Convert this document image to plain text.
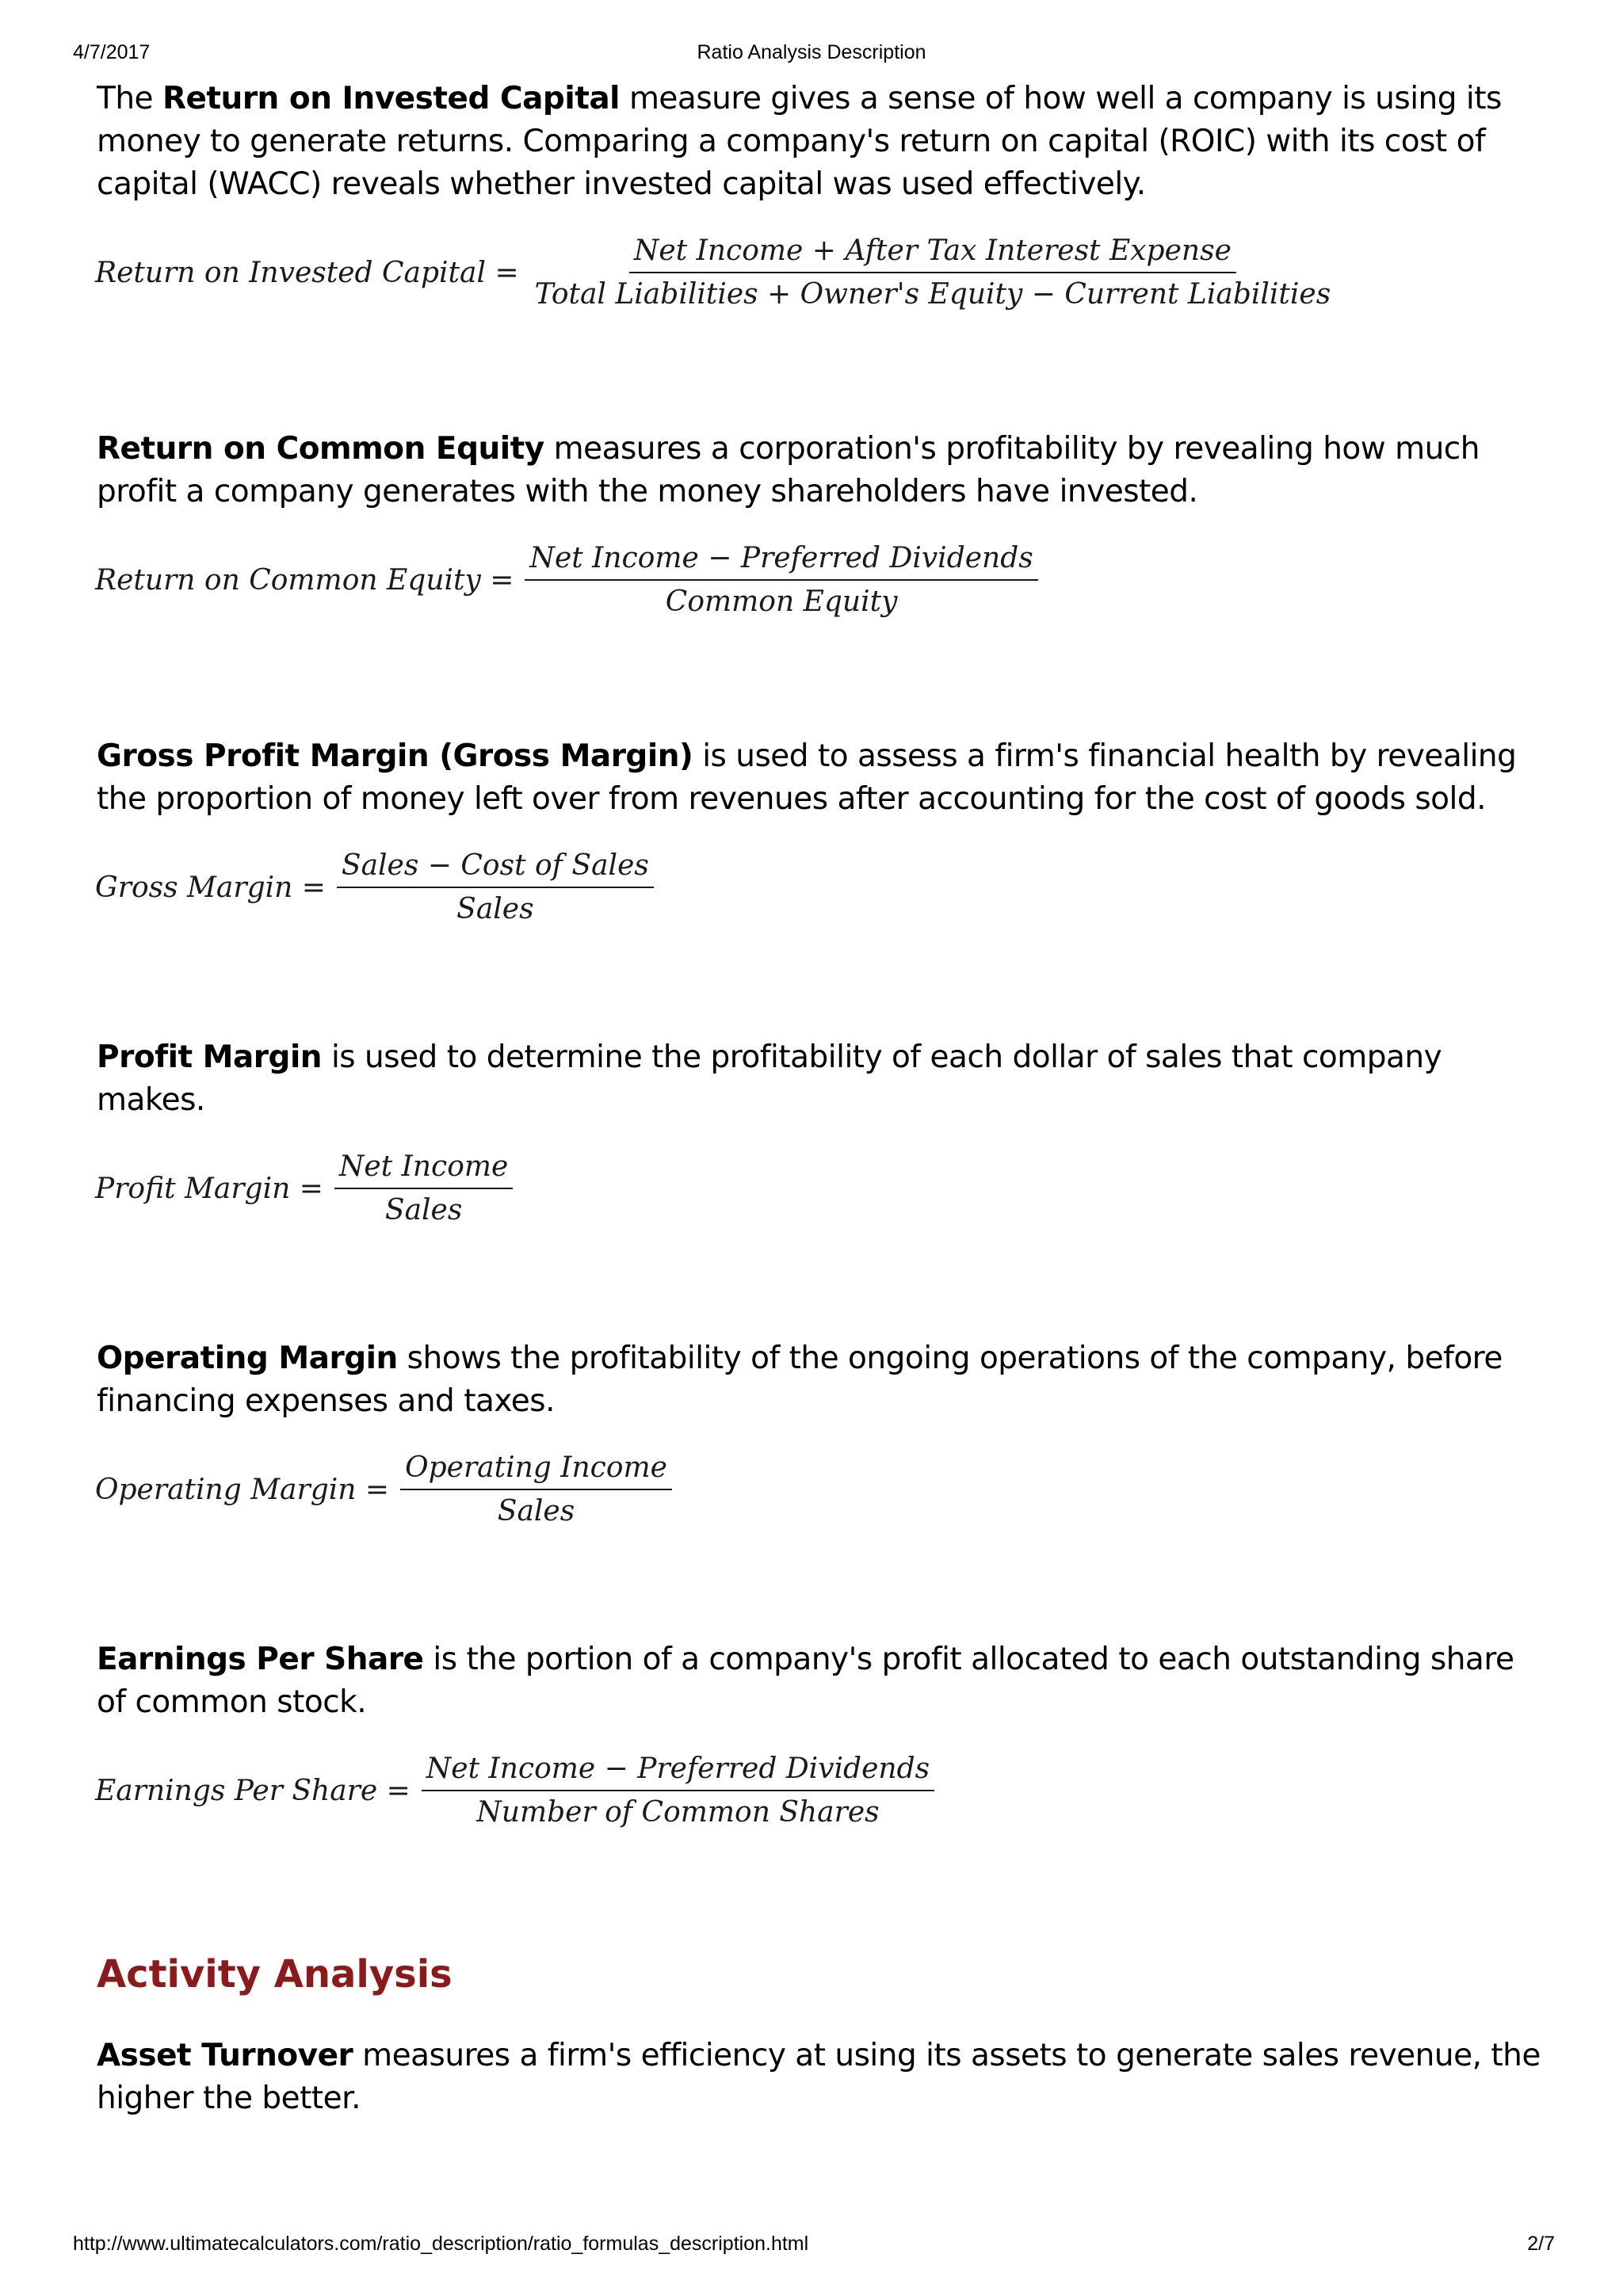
4/7/2017	Ratio Analysis Description
The Return on Invested Capital measure gives a sense of how well a company is using its money to generate returns. Comparing a company's return on capital (ROIC) with its cost of capital (WACC) reveals whether invested capital was used effectively.
Return on Invested Capital = $\frac{\text{Net Income + After Tax Interest Expense}}{\text{Total Liabilities + Owner's Equity − Current Liabilities}}$
Return on Common Equity measures a corporation's profitability by revealing how much profit a company generates with the money shareholders have invested.
Return on Common Equity = $\frac{\text{Net Income − Preferred Dividends}}{\text{Common Equity}}$
Gross Profit Margin (Gross Margin) is used to assess a firm's financial health by revealing the proportion of money left over from revenues after accounting for the cost of goods sold.
Gross Margin = $\frac{\text{Sales − Cost of Sales}}{\text{Sales}}$
Profit Margin is used to determine the profitability of each dollar of sales that company makes.
Profit Margin = $\frac{\text{Net Income}}{\text{Sales}}$
Operating Margin shows the profitability of the ongoing operations of the company, before financing expenses and taxes.
Operating Margin = $\frac{\text{Operating Income}}{\text{Sales}}$
Earnings Per Share is the portion of a company's profit allocated to each outstanding share of common stock.
Earnings Per Share = $\frac{\text{Net Income − Preferred Dividends}}{\text{Number of Common Shares}}$
Activity Analysis
Asset Turnover measures a firm's efficiency at using its assets to generate sales revenue, the higher the better.
http://www.ultimatecalculators.com/ratio_description/ratio_formulas_description.html	2/7
